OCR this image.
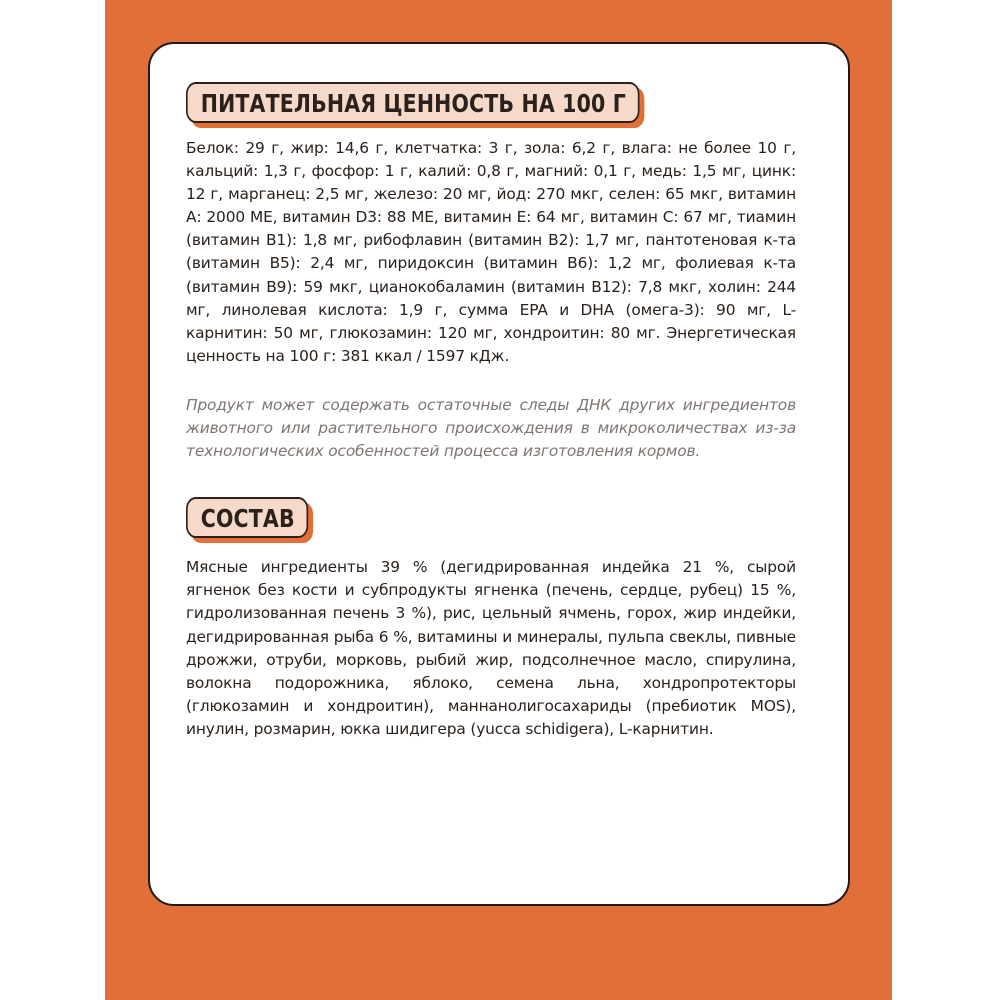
ПИТАТЕЛЬНАЯ ЦЕННОСТЬ НА 100 Г
Белок: 29 г, жир: 14,6 г, клетчатка: 3 г, зола: 6,2 г, влага: не более 10 г, кальций: 1,3 г, фосфор: 1 г, калий: 0,8 г, магний: 0,1 г, медь: 1,5 мг, цинк: 12 г, марганец: 2,5 мг, железо: 20 мг, йод: 270 мкг, селен: 65 мкг, витамин А: 2000 МЕ, витамин D3: 88 МЕ, витамин Е: 64 мг, витамин С: 67 мг, тиамин (витамин В1): 1,8 мг, рибофлавин (витамин В2): 1,7 мг, пантотеновая к-та (витамин В5): 2,4 мг, пиридоксин (витамин В6): 1,2 мг, фолиевая к-та (витамин В9): 59 мкг, цианокобаламин (витамин В12): 7,8 мкг, холин: 244 мг, линолевая кислота: 1,9 г, сумма EPA и DHA (омега-3): 90 мг, L-карнитин: 50 мг, глюкозамин: 120 мг, хондроитин: 80 мг. Энергетическая ценность на 100 г: 381 ккал / 1597 кДж.
Продукт может содержать остаточные следы ДНК других ингредиентов животного или растительного происхождения в микроколичествах из-за технологических особенностей процесса изготовления кормов.
СОСТАВ
Мясные ингредиенты 39 % (дегидрированная индейка 21 %, сырой ягненок без кости и субпродукты ягненка (печень, сердце, рубец) 15 %, гидролизованная печень 3 %), рис, цельный ячмень, горох, жир индейки, дегидрированная рыба 6 %, витамины и минералы, пульпа свеклы, пивные дрожжи, отруби, морковь, рыбий жир, подсолнечное масло, спирулина, волокна подорожника, яблоко, семена льна, хондропротекторы (глюкозамин и хондроитин), маннанолигосахариды (пребиотик MOS), инулин, розмарин, юкка шидигера (yucca schidigera), L-карнитин.
